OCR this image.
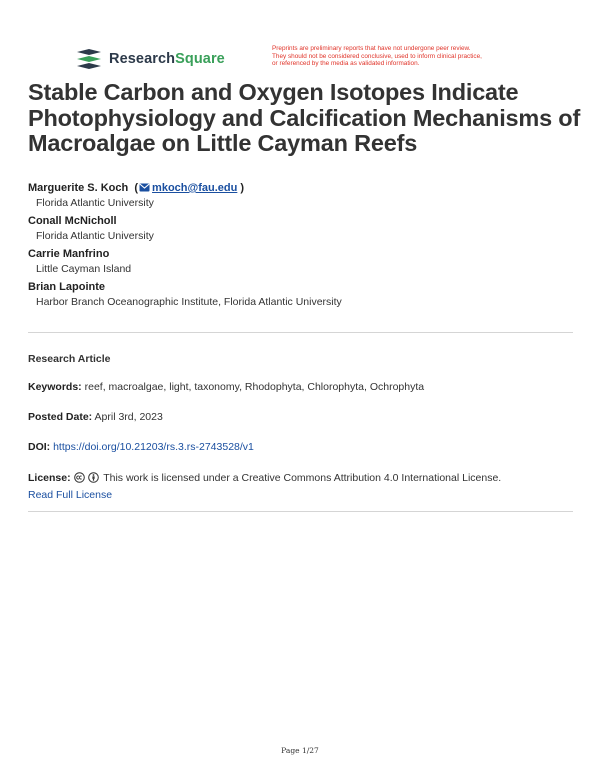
ResearchSquare
Preprints are preliminary reports that have not undergone peer review.
They should not be considered conclusive, used to inform clinical practice,
or referenced by the media as validated information.
Stable Carbon and Oxygen Isotopes Indicate Photophysiology and Calcification Mechanisms of Macroalgae on Little Cayman Reefs
Marguerite S. Koch ( mkoch@fau.edu )
Florida Atlantic University
Conall McNicholl
Florida Atlantic University
Carrie Manfrino
Little Cayman Island
Brian Lapointe
Harbor Branch Oceanographic Institute, Florida Atlantic University
Research Article
Keywords: reef, macroalgae, light, taxonomy, Rhodophyta, Chlorophyta, Ochrophyta
Posted Date: April 3rd, 2023
DOI: https://doi.org/10.21203/rs.3.rs-2743528/v1
License:	This work is licensed under a Creative Commons Attribution 4.0 International License.
Read Full License
Page 1/27
